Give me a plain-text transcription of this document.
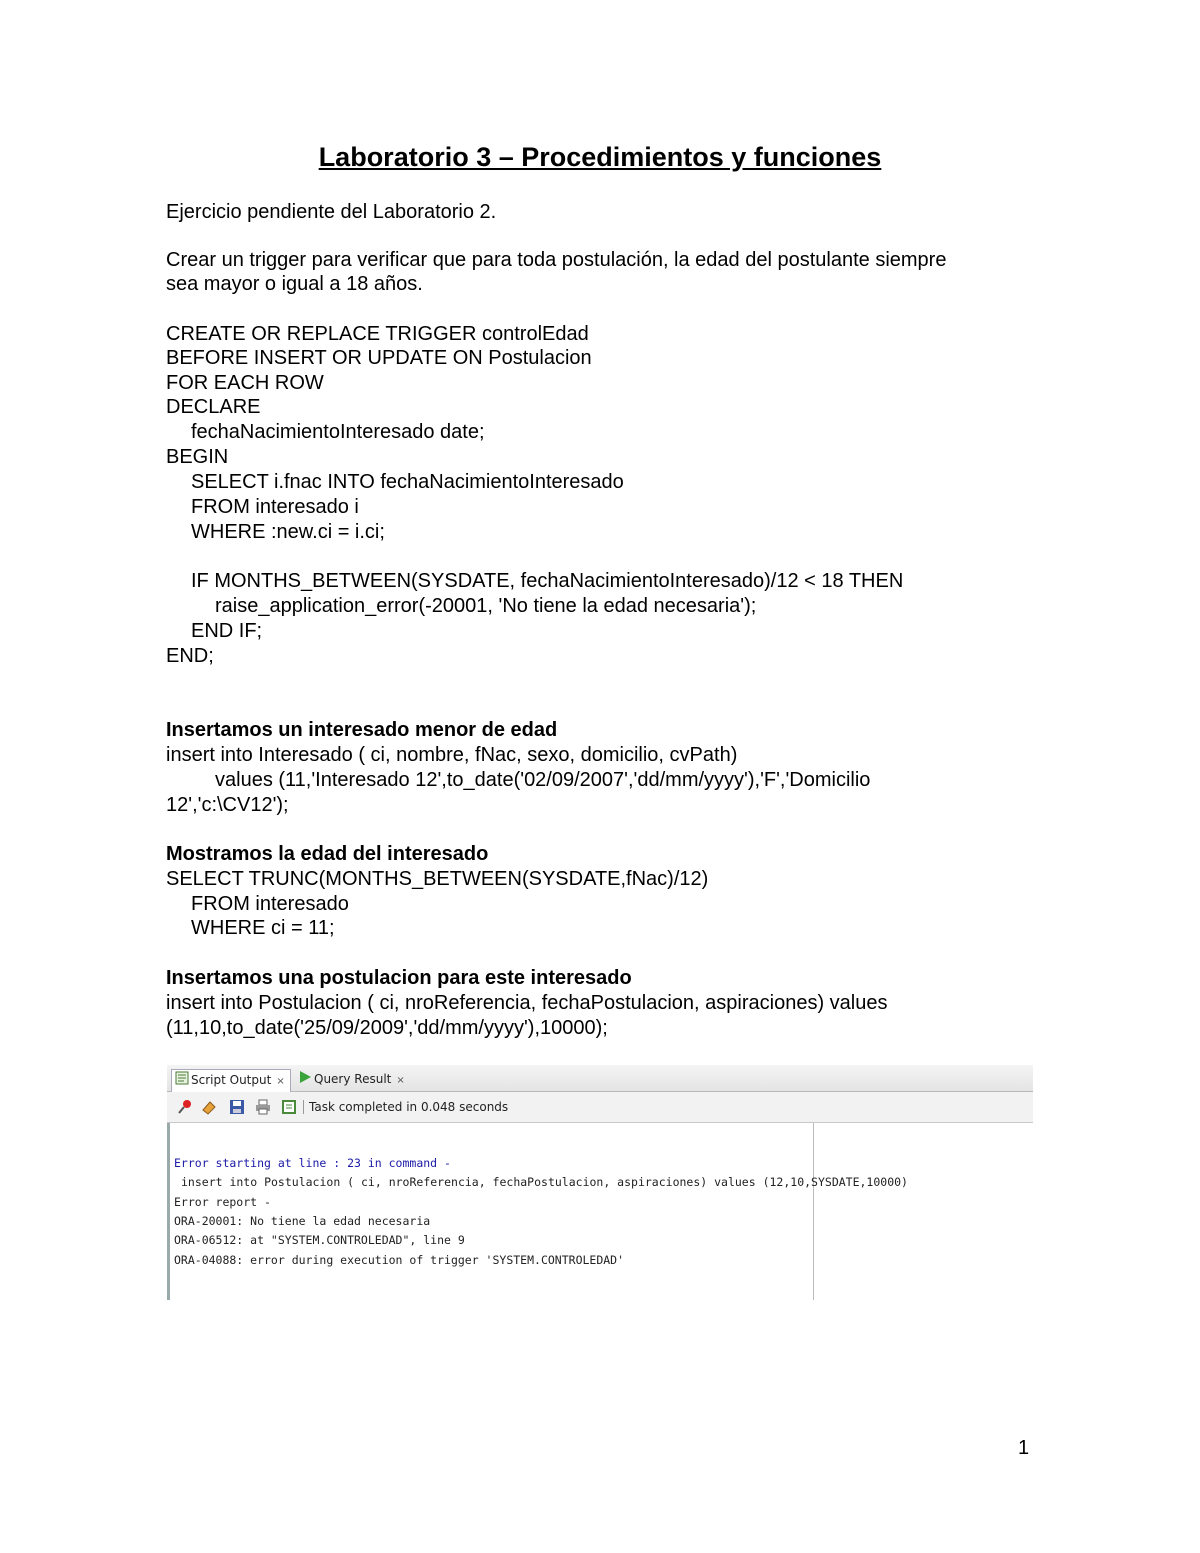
Laboratorio 3 – Procedimientos y funciones
Ejercicio pendiente del Laboratorio 2.
Crear un trigger para verificar que para toda postulación, la edad del postulante siempre
sea mayor o igual a 18 años.
CREATE OR REPLACE TRIGGER controlEdad
BEFORE INSERT OR UPDATE ON Postulacion
FOR EACH ROW
DECLARE
fechaNacimientoInteresado date;
BEGIN
SELECT i.fnac INTO fechaNacimientoInteresado
FROM interesado i
WHERE :new.ci = i.ci;
IF MONTHS_BETWEEN(SYSDATE, fechaNacimientoInteresado)/12 < 18 THEN
raise_application_error(-20001, 'No tiene la edad necesaria');
END IF;
END;
Insertamos un interesado menor de edad
insert into Interesado ( ci, nombre, fNac, sexo, domicilio, cvPath)
values (11,'Interesado 12',to_date('02/09/2007','dd/mm/yyyy'),'F','Domicilio
12','c:\CV12');
Mostramos la edad del interesado
SELECT TRUNC(MONTHS_BETWEEN(SYSDATE,fNac)/12)
FROM interesado
WHERE ci = 11;
Insertamos una postulacion para este interesado
insert into Postulacion ( ci, nroReferencia, fechaPostulacion, aspiraciones) values
(11,10,to_date('25/09/2009','dd/mm/yyyy'),10000);
Script Output ×	Query Result ×
Task completed in 0.048 seconds
Error starting at line : 23 in command -
insert into Postulacion ( ci, nroReferencia, fechaPostulacion, aspiraciones) values (12,10,SYSDATE,10000)
Error report -
ORA-20001: No tiene la edad necesaria
ORA-06512: at "SYSTEM.CONTROLEDAD", line 9
ORA-04088: error during execution of trigger 'SYSTEM.CONTROLEDAD'
1
